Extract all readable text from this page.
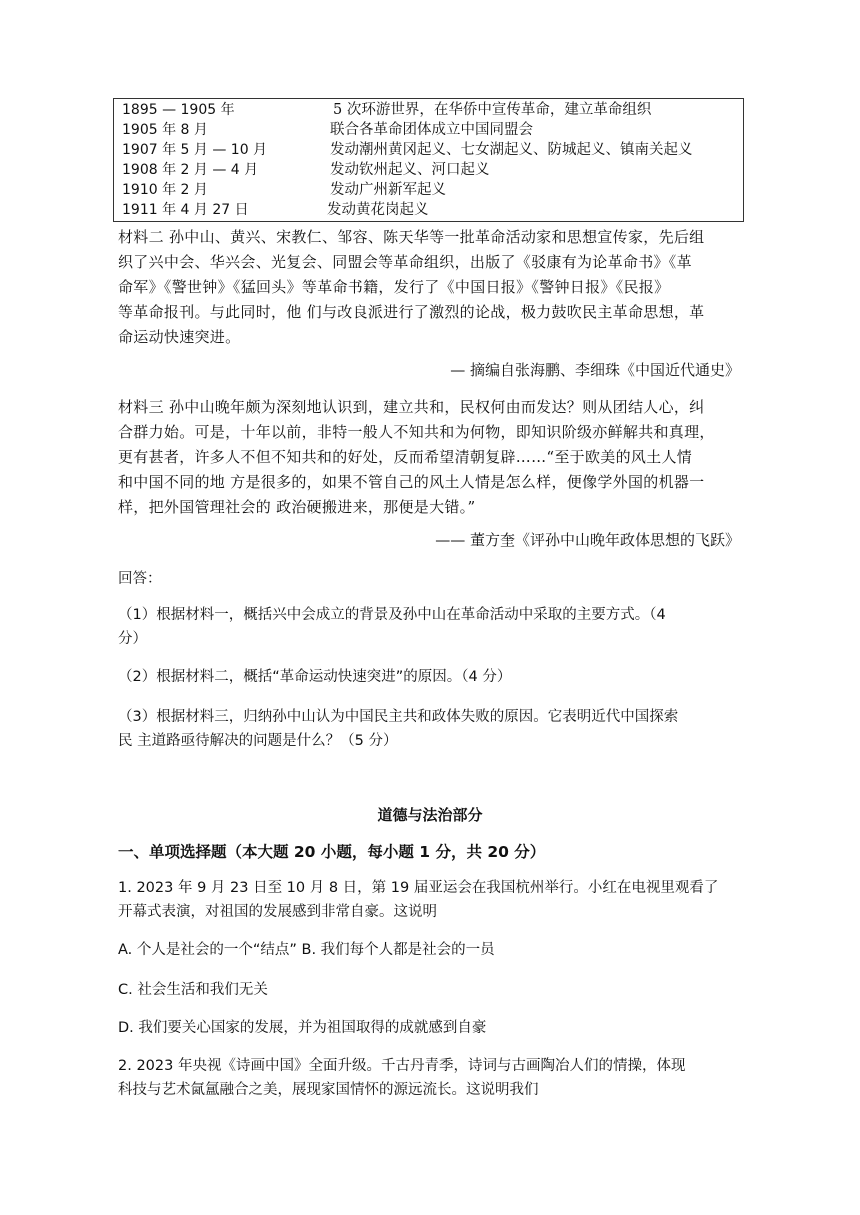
1895 — 1905 年	5 次环游世界，在华侨中宣传革命，建立革命组织
1905 年 8 月	联合各革命团体成立中国同盟会
1907 年 5 月 — 10 月	发动潮州黄冈起义、七女湖起义、防城起义、镇南关起义
1908 年 2 月 — 4 月	发动钦州起义、河口起义
1910 年 2 月	发动广州新军起义
1911 年 4 月 27 日	发动黄花岗起义
材料二 孙中山、黄兴、宋教仁、邹容、陈天华等一批革命活动家和思想宣传家，先后组
织了兴中会、华兴会、光复会、同盟会等革命组织，出版了《驳康有为论革命书》《革
命军》《警世钟》《猛回头》等革命书籍，发行了《中国日报》《警钟日报》《民报》
等革命报刊。与此同时，他 们与改良派进行了激烈的论战，极力鼓吹民主革命思想，革
命运动快速突进。
— 摘编自张海鹏、李细珠《中国近代通史》
材料三 孙中山晚年颇为深刻地认识到，建立共和，民权何由而发达？则从团结人心，纠
合群力始。可是，十年以前，非特一般人不知共和为何物，即知识阶级亦鲜解共和真理，
更有甚者，许多人不但不知共和的好处，反而希望清朝复辟……“至于欧美的风土人情
和中国不同的地 方是很多的，如果不管自己的风土人情是怎么样，便像学外国的机器一
样，把外国管理社会的 政治硬搬进来，那便是大错。”
—— 董方奎《评孙中山晚年政体思想的飞跃》
回答：
（1）根据材料一，概括兴中会成立的背景及孙中山在革命活动中采取的主要方式。（4
分）
（2）根据材料二，概括“革命运动快速突进”的原因。（4 分）
（3）根据材料三，归纳孙中山认为中国民主共和政体失败的原因。它表明近代中国探索
民 主道路亟待解决的问题是什么？（5 分）
道德与法治部分
一、单项选择题（本大题 20 小题，每小题 1 分，共 20 分）
1. 2023 年 9 月 23 日至 10 月 8 日，第 19 届亚运会在我国杭州举行。小红在电视里观看了
开幕式表演，对祖国的发展感到非常自豪。这说明
A. 个人是社会的一个“结点” B. 我们每个人都是社会的一员
C. 社会生活和我们无关
D. 我们要关心国家的发展，并为祖国取得的成就感到自豪
2. 2023 年央视《诗画中国》全面升级。千古丹青季，诗词与古画陶冶人们的情操，体现
科技与艺术氤氲融合之美，展现家国情怀的源远流长。这说明我们
